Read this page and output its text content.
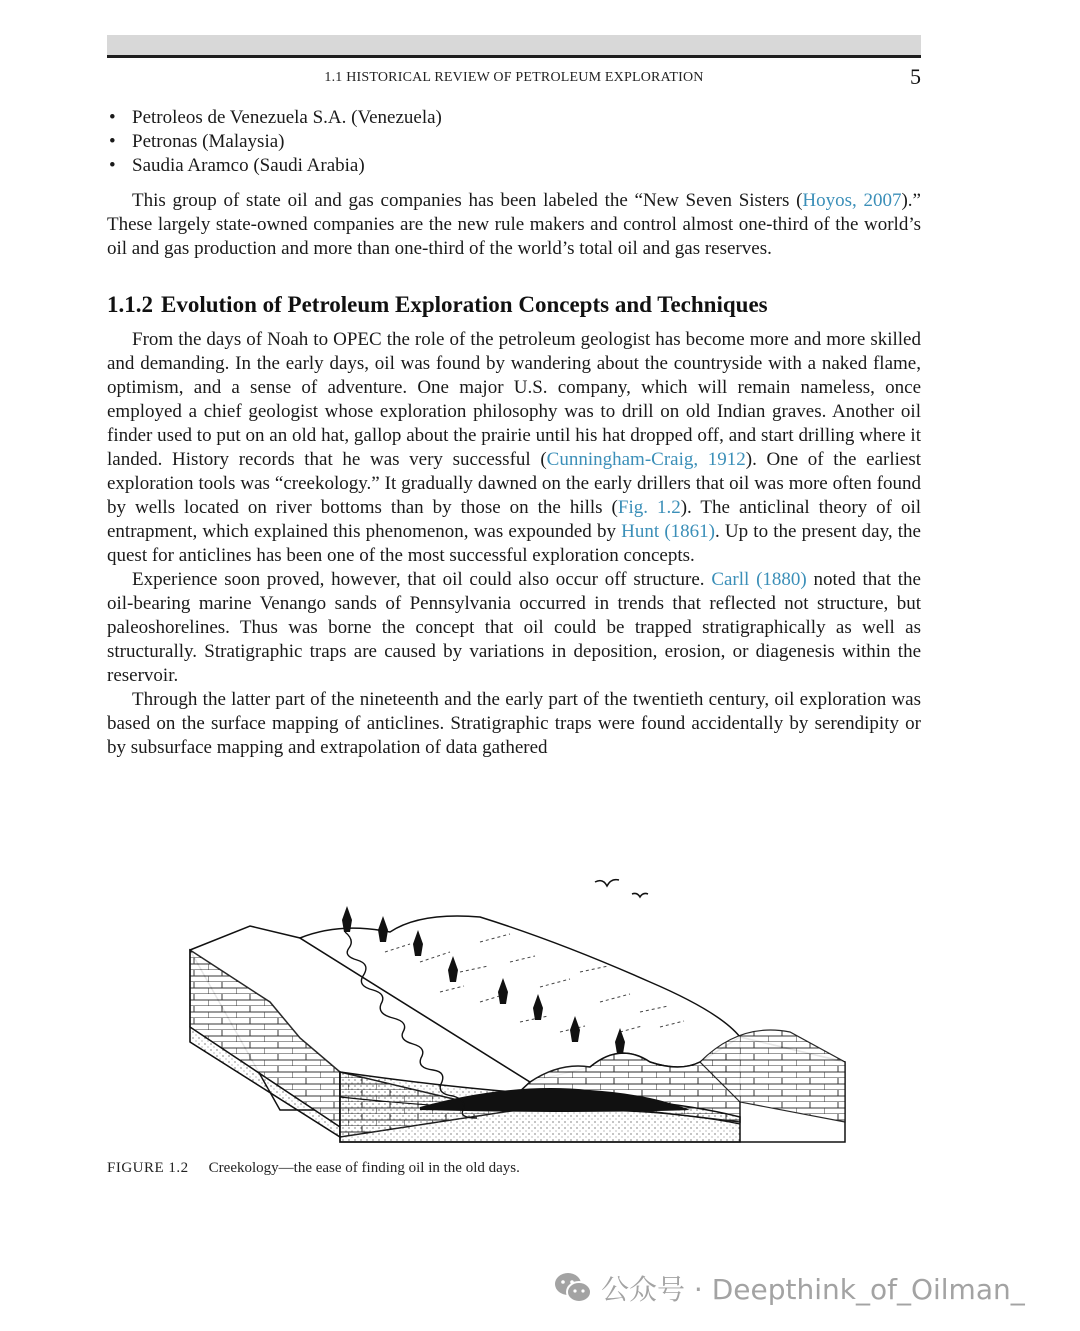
1.1 HISTORICAL REVIEW OF PETROLEUM EXPLORATION	5
• Petroleos de Venezuela S.A. (Venezuela)
• Petronas (Malaysia)
• Saudia Aramco (Saudi Arabia)

This group of state oil and gas companies has been labeled the “New Seven Sisters (Hoyos, 2007).” These largely state-owned companies are the new rule makers and control almost one-third of the world’s oil and gas production and more than one-third of the world’s total oil and gas reserves.

1.1.2 Evolution of Petroleum Exploration Concepts and Techniques

From the days of Noah to OPEC the role of the petroleum geologist has become more and more skilled and demanding. In the early days, oil was found by wandering about the countryside with a naked flame, optimism, and a sense of adventure. One major U.S. company, which will remain nameless, once employed a chief geologist whose exploration philosophy was to drill on old Indian graves. Another oil finder used to put on an old hat, gallop about the prairie until his hat dropped off, and start drilling where it landed. History records that he was very successful (Cunningham-Craig, 1912). One of the earliest exploration tools was “creekology.” It gradually dawned on the early drillers that oil was more often found by wells located on river bottoms than by those on the hills (Fig. 1.2). The anticlinal theory of oil entrapment, which explained this phenomenon, was expounded by Hunt (1861). Up to the present day, the quest for anticlines has been one of the most successful exploration concepts.

Experience soon proved, however, that oil could also occur off structure. Carll (1880) noted that the oil-bearing marine Venango sands of Pennsylvania occurred in trends that reflected not structure, but paleoshorelines. Thus was borne the concept that oil could be trapped stratigraphically as well as structurally. Stratigraphic traps are caused by variations in deposition, erosion, or diagenesis within the reservoir.

Through the latter part of the nineteenth and the early part of the twentieth century, oil exploration was based on the surface mapping of anticlines. Stratigraphic traps were found accidentally by serendipity or by subsurface mapping and extrapolation of data gathered

FIGURE 1.2 Creekology—the ease of finding oil in the old days.
公众号 · Deepthink_of_Oilman_
